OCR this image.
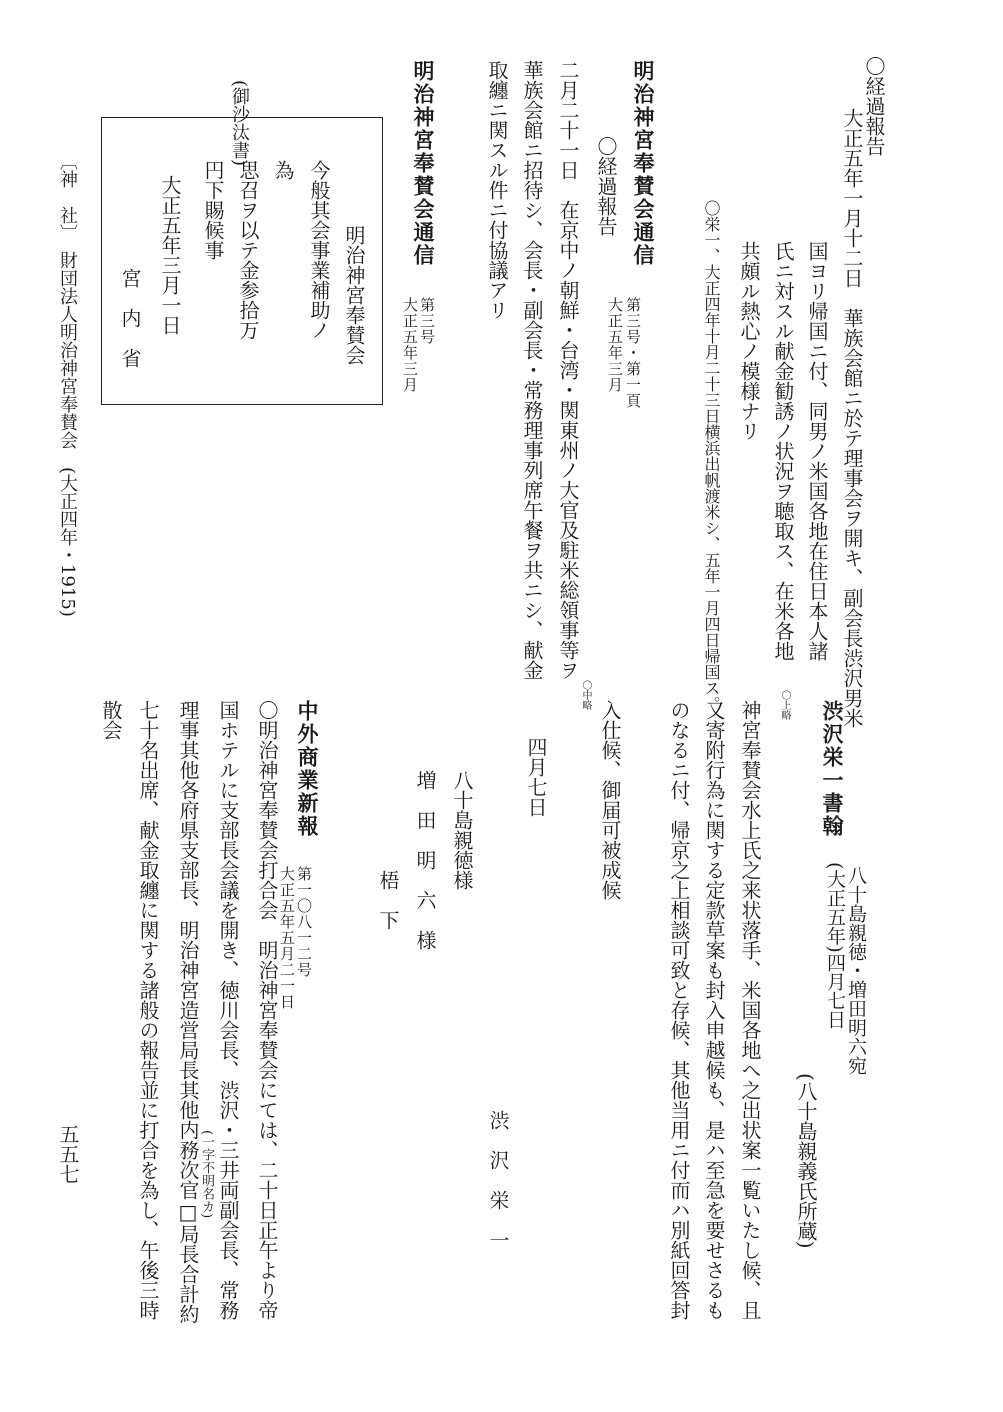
〇経過報告
大正五年一月十二日　華族会館ニ於テ理事会ヲ開キ、副会長渋沢男米
国ヨリ帰国ニ付、同男ノ米国各地在住日本人諸
氏ニ対スル献金勧誘ノ状況ヲ聴取ス、在米各地
共頗ル熱心ノ模様ナリ
〇栄一、大正四年十月二十三日横浜出帆渡米シ、五年一月四日帰国ス。
明治神宮奉賛会通信
第三号・第一頁
大正五年三月
〇経過報告
二月二十一日　在京中ノ朝鮮・台湾・関東州ノ大官及駐米総領事等ヲ
華族会館ニ招待シ、会長・副会長・常務理事列席午餐ヲ共ニシ、献金
取纏ニ関スル件ニ付協議アリ
明治神宮奉賛会通信
第三号
大正五年三月
(御沙汰書)
明治神宮奉賛会
今般其会事業補助ノ
為
思召ヲ以テ金参拾万
円下賜候事
大正五年三月一日
宮　内　省
渋沢栄一書翰
八十島親徳・増田明六宛
(大正五年)四月七日
(八十島親義氏所蔵)
〇上略
神宮奉賛会水上氏之来状落手、米国各地へ之出状案一覧いたし候、且
又寄附行為に関する定款草案も封入申越候も、是ハ至急を要せさるも
のなるニ付、帰京之上相談可致と存候、其他当用ニ付而ハ別紙回答封
入仕候、御届可被成候
〇中略
四月七日
渋　沢　栄　一
八十島親徳様
増　田　明　六　様
梧　下
中外商業新報
第一〇八一二号
大正五年五月二一日
〇明治神宮奉賛会打合会　明治神宮奉賛会にては、二十日正午より帝
国ホテルに支部長会議を開き、徳川会長、渋沢・三井両副会長、常務
(一字不明名カ)
理事其他各府県支部長、明治神宮造営局長其他内務次官□局長合計約
七十名出席、献金取纏に関する諸般の報告並に打合を為し、午後三時
散会
〔神　社〕　財団法人明治神宮奉賛会　(大正四年・1915)
五五七
